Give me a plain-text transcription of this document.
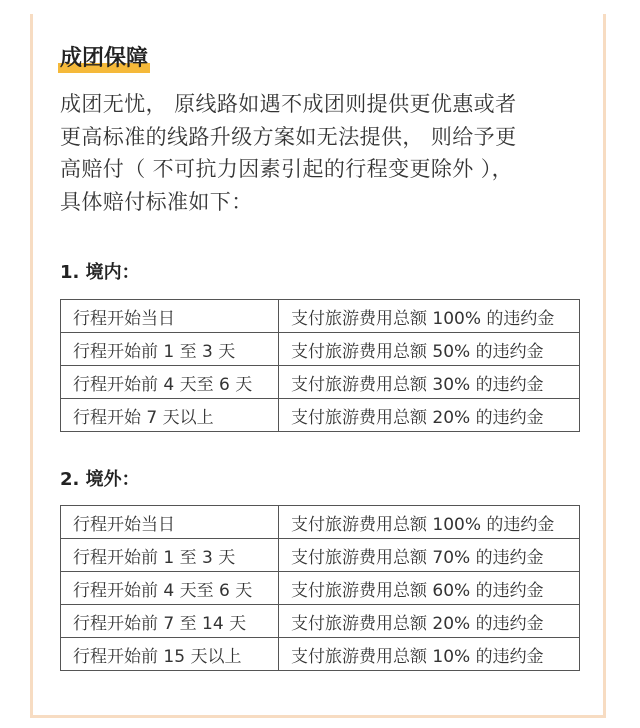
成团保障
成团无忧， 原线路如遇不成团则提供更优惠或者
更高标准的线路升级方案如无法提供， 则给予更
高赔付（ 不可抗力因素引起的行程变更除外 ），
具体赔付标准如下：
1. 境内：
行程开始当日	支付旅游费用总额 100% 的违约金
行程开始前 1 至 3 天	支付旅游费用总额 50% 的违约金
行程开始前 4 天至 6 天	支付旅游费用总额 30% 的违约金
行程开始 7 天以上	支付旅游费用总额 20% 的违约金
2. 境外：
行程开始当日	支付旅游费用总额 100% 的违约金
行程开始前 1 至 3 天	支付旅游费用总额 70% 的违约金
行程开始前 4 天至 6 天	支付旅游费用总额 60% 的违约金
行程开始前 7 至 14 天	支付旅游费用总额 20% 的违约金
行程开始前 15 天以上	支付旅游费用总额 10% 的违约金
